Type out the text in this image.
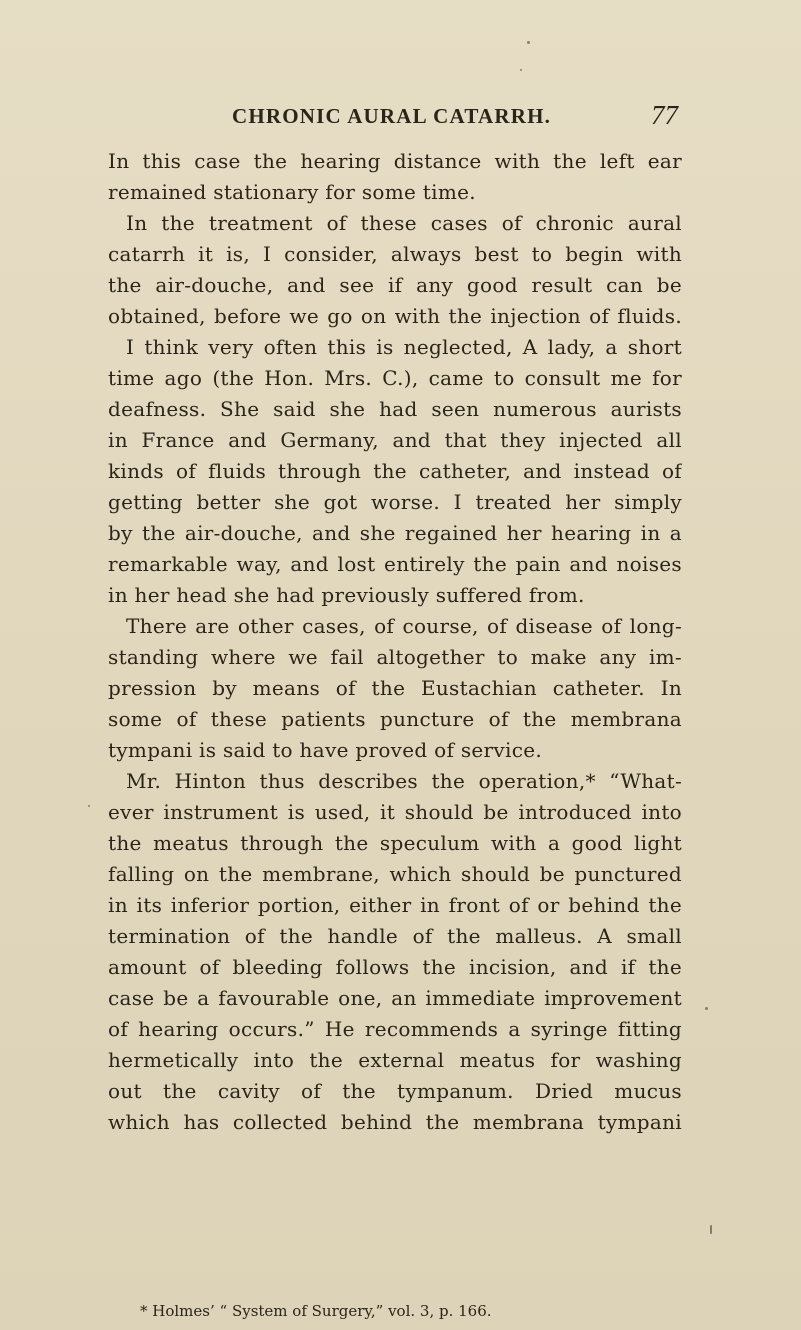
CHRONIC AURAL CATARRH.	77
In this case the hearing distance with the left ear
remained stationary for some time.
In the treatment of these cases of chronic aural
catarrh it is, I consider, always best to begin with
the air-douche, and see if any good result can be
obtained, before we go on with the injection of fluids.
I think very often this is neglected, A lady, a short
time ago (the Hon. Mrs. C.), came to consult me for
deafness. She said she had seen numerous aurists
in France and Germany, and that they injected all
kinds of fluids through the catheter, and instead of
getting better she got worse. I treated her simply
by the air-douche, and she regained her hearing in a
remarkable way, and lost entirely the pain and noises
in her head she had previously suffered from.
There are other cases, of course, of disease of long-
standing where we fail altogether to make any im-
pression by means of the Eustachian catheter. In
some of these patients puncture of the membrana
tympani is said to have proved of service.
Mr. Hinton thus describes the operation,* “What-
ever instrument is used, it should be introduced into
the meatus through the speculum with a good light
falling on the membrane, which should be punctured
in its inferior portion, either in front of or behind the
termination of the handle of the malleus. A small
amount of bleeding follows the incision, and if the
case be a favourable one, an immediate improvement
of hearing occurs.” He recommends a syringe fitting
hermetically into the external meatus for washing
out the cavity of the tympanum. Dried mucus
which has collected behind the membrana tympani
* Holmes’ “ System of Surgery,” vol. 3, p. 166.
